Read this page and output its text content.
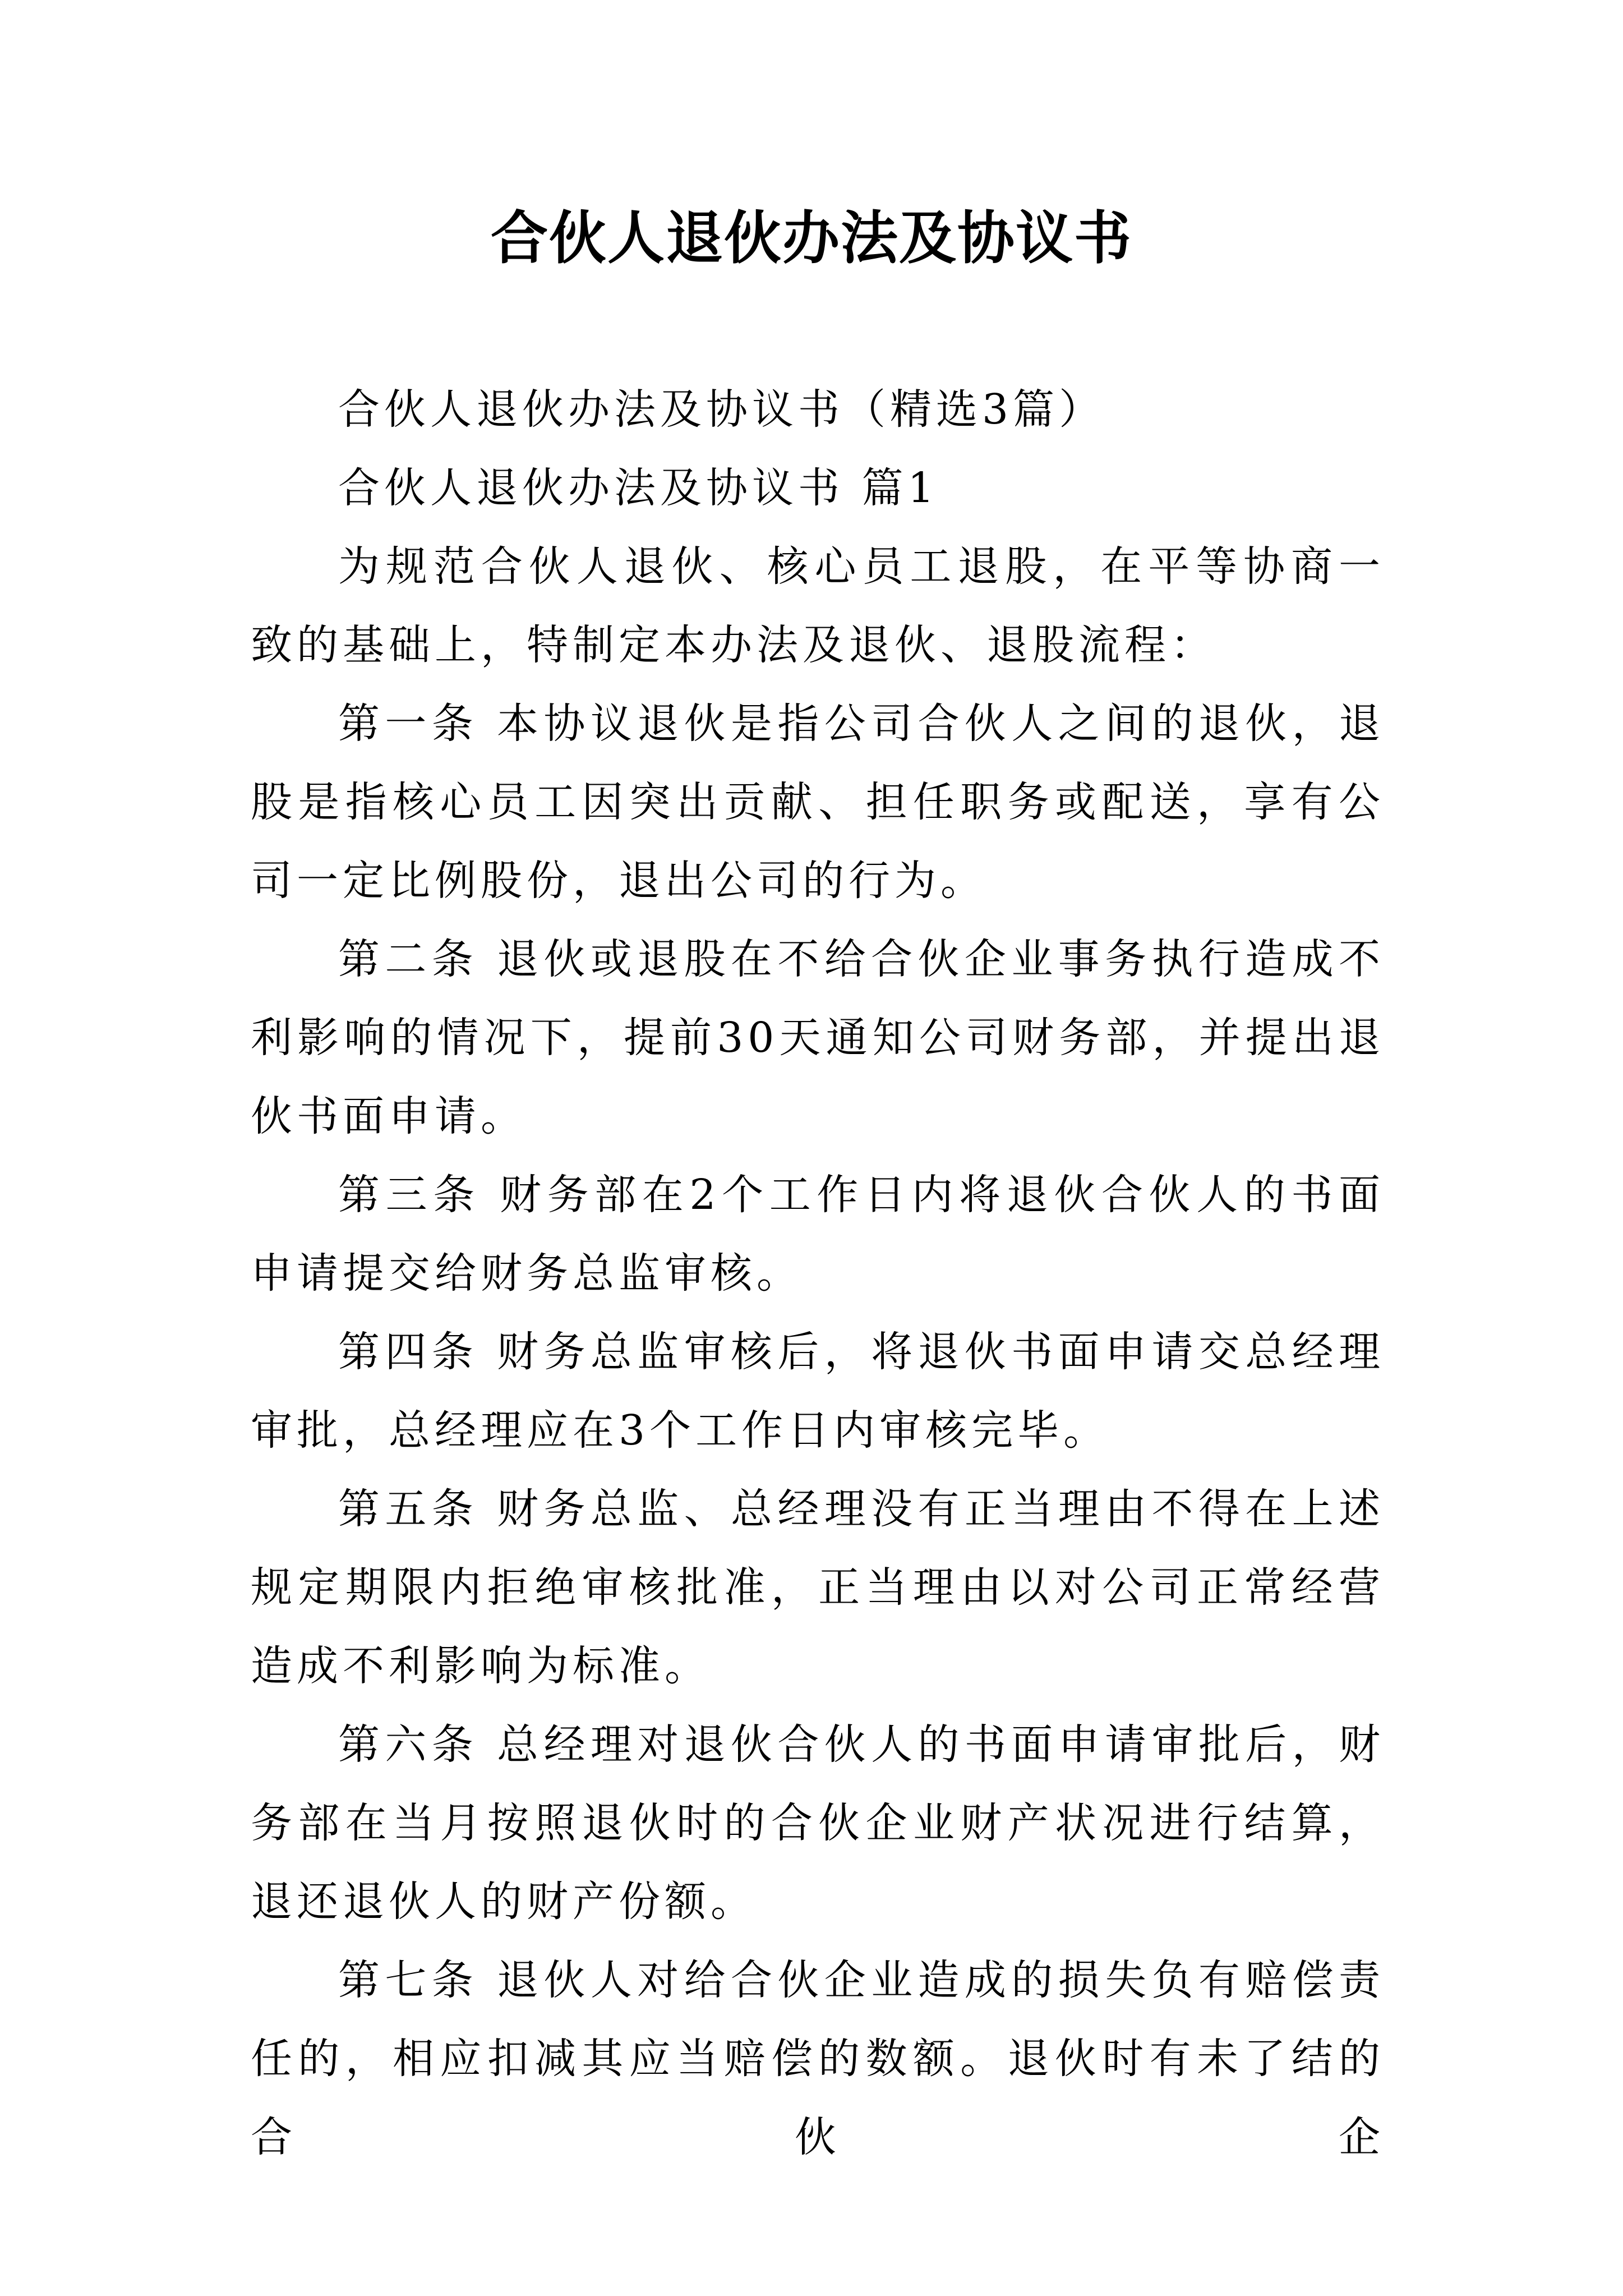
合伙人退伙办法及协议书

合伙人退伙办法及协议书（精选3篇）

合伙人退伙办法及协议书 篇1

为规范合伙人退伙、核心员工退股，在平等协商一致的基础上，特制定本办法及退伙、退股流程：

第一条 本协议退伙是指公司合伙人之间的退伙，退股是指核心员工因突出贡献、担任职务或配送，享有公司一定比例股份，退出公司的行为。

第二条 退伙或退股在不给合伙企业事务执行造成不利影响的情况下，提前30天通知公司财务部，并提出退伙书面申请。

第三条 财务部在2个工作日内将退伙合伙人的书面申请提交给财务总监审核。

第四条 财务总监审核后，将退伙书面申请交总经理审批，总经理应在3个工作日内审核完毕。

第五条 财务总监、总经理没有正当理由不得在上述规定期限内拒绝审核批准，正当理由以对公司正常经营造成不利影响为标准。

第六条 总经理对退伙合伙人的书面申请审批后，财务部在当月按照退伙时的合伙企业财产状况进行结算，退还退伙人的财产份额。

第七条 退伙人对给合伙企业造成的损失负有赔偿责任的，相应扣减其应当赔偿的数额。退伙时有未了结的合伙企
